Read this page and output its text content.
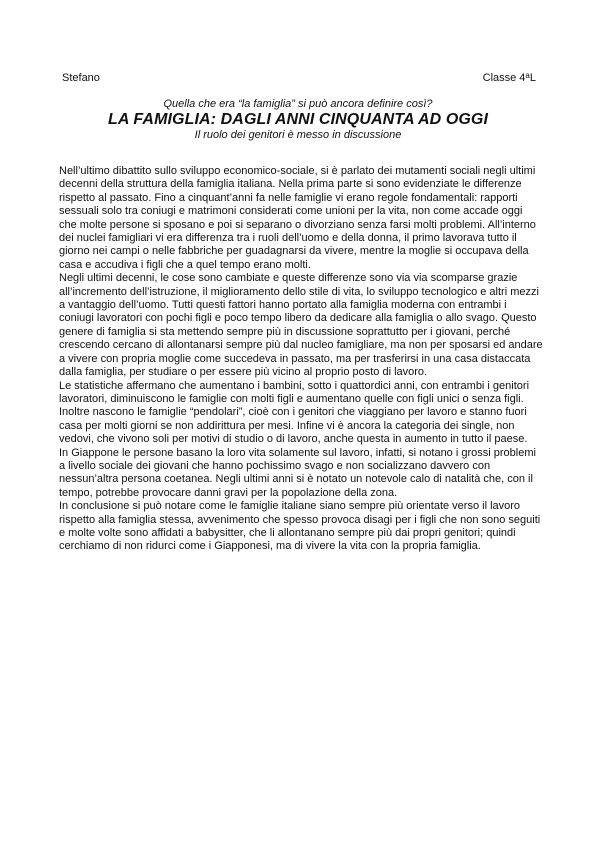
Stefano	Classe 4$^a$L
Quella che era “la famiglia” si può ancora definire così?
LA FAMIGLIA: DAGLI ANNI CINQUANTA AD OGGI
Il ruolo dei genitori è messo in discussione

Nell’ultimo dibattito sullo sviluppo economico-sociale, si è parlato dei mutamenti sociali negli ultimi decenni della struttura della famiglia italiana. Nella prima parte si sono evidenziate le differenze rispetto al passato. Fino a cinquant’anni fa nelle famiglie vi erano regole fondamentali: rapporti sessuali solo tra coniugi e matrimoni considerati come unioni per la vita, non come accade oggi che molte persone si sposano e poi si separano o divorziano senza farsi molti problemi. All’interno dei nuclei famigliari vi era differenza tra i ruoli dell’uomo e della donna, il primo lavorava tutto il giorno nei campi o nelle fabbriche per guadagnarsi da vivere, mentre la moglie si occupava della casa e accudiva i figli che a quel tempo erano molti.

Negli ultimi decenni, le cose sono cambiate e queste differenze sono via via scomparse grazie all’incremento dell’istruzione, il miglioramento dello stile di vita, lo sviluppo tecnologico e altri mezzi a vantaggio dell’uomo. Tutti questi fattori hanno portato alla famiglia moderna con entrambi i coniugi lavoratori con pochi figli e poco tempo libero da dedicare alla famiglia o allo svago. Questo genere di famiglia si sta mettendo sempre più in discussione soprattutto per i giovani, perché crescendo cercano di allontanarsi sempre più dal nucleo famigliare, ma non per sposarsi ed andare a vivere con propria moglie come succedeva in passato, ma per trasferirsi in una casa distaccata dalla famiglia, per studiare o per essere più vicino al proprio posto di lavoro.

Le statistiche affermano che aumentano i bambini, sotto i quattordici anni, con entrambi i genitori lavoratori, diminuiscono le famiglie con molti figli e aumentano quelle con figli unici o senza figli. Inoltre nascono le famiglie “pendolari”, cioè con i genitori che viaggiano per lavoro e stanno fuori casa per molti giorni se non addirittura per mesi. Infine vi è ancora la categoria dei single, non vedovi, che vivono soli per motivi di studio o di lavoro, anche questa in aumento in tutto il paese.

In Giappone le persone basano la loro vita solamente sul lavoro, infatti, si notano i grossi problemi a livello sociale dei giovani che hanno pochissimo svago e non socializzano davvero con nessun’altra persona coetanea. Negli ultimi anni si è notato un notevole calo di natalità che, con il tempo, potrebbe provocare danni gravi per la popolazione della zona.

In conclusione si può notare come le famiglie italiane siano sempre più orientate verso il lavoro rispetto alla famiglia stessa, avvenimento che spesso provoca disagi per i figli che non sono seguiti e molte volte sono affidati a babysitter, che li allontanano sempre più dai propri genitori; quindi cerchiamo di non ridurci come i Giapponesi, ma di vivere la vita con la propria famiglia.
